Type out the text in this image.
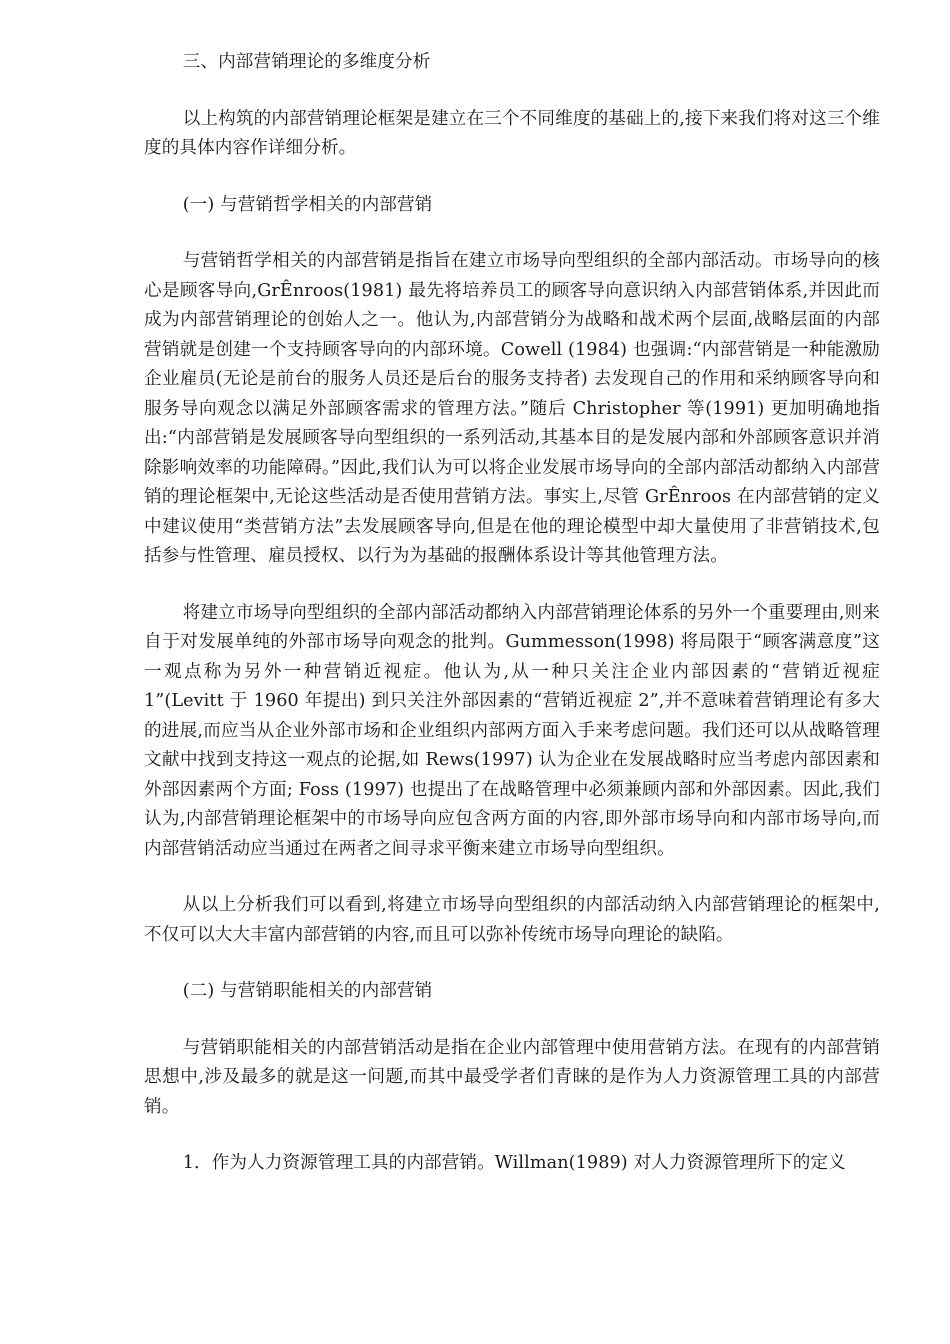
三、内部营销理论的多维度分析

以上构筑的内部营销理论框架是建立在三个不同维度的基础上的,接下来我们将对这三个维度的具体内容作详细分析。

(一) 与营销哲学相关的内部营销

与营销哲学相关的内部营销是指旨在建立市场导向型组织的全部内部活动。市场导向的核心是顾客导向,GrÊnroos(1981) 最先将培养员工的顾客导向意识纳入内部营销体系,并因此而成为内部营销理论的创始人之一。他认为,内部营销分为战略和战术两个层面,战略层面的内部营销就是创建一个支持顾客导向的内部环境。Cowell (1984) 也强调:“内部营销是一种能激励企业雇员(无论是前台的服务人员还是后台的服务支持者) 去发现自己的作用和采纳顾客导向和服务导向观念以满足外部顾客需求的管理方法。”随后 Christopher 等(1991) 更加明确地指出:“内部营销是发展顾客导向型组织的一系列活动,其基本目的是发展内部和外部顾客意识并消除影响效率的功能障碍。”因此,我们认为可以将企业发展市场导向的全部内部活动都纳入内部营销的理论框架中,无论这些活动是否使用营销方法。事实上,尽管 GrÊnroos 在内部营销的定义中建议使用“类营销方法”去发展顾客导向,但是在他的理论模型中却大量使用了非营销技术,包括参与性管理、雇员授权、以行为为基础的报酬体系设计等其他管理方法。

将建立市场导向型组织的全部内部活动都纳入内部营销理论体系的另外一个重要理由,则来自于对发展单纯的外部市场导向观念的批判。Gummesson(1998) 将局限于“顾客满意度”这一观点称为另外一种营销近视症。他认为,从一种只关注企业内部因素的“营销近视症 1”(Levitt 于 1960 年提出) 到只关注外部因素的“营销近视症 2”,并不意味着营销理论有多大的进展,而应当从企业外部市场和企业组织内部两方面入手来考虑问题。我们还可以从战略管理文献中找到支持这一观点的论据,如 Rews(1997) 认为企业在发展战略时应当考虑内部因素和外部因素两个方面; Foss (1997) 也提出了在战略管理中必须兼顾内部和外部因素。因此,我们认为,内部营销理论框架中的市场导向应包含两方面的内容,即外部市场导向和内部市场导向,而内部营销活动应当通过在两者之间寻求平衡来建立市场导向型组织。

从以上分析我们可以看到,将建立市场导向型组织的内部活动纳入内部营销理论的框架中,不仅可以大大丰富内部营销的内容,而且可以弥补传统市场导向理论的缺陷。

(二) 与营销职能相关的内部营销

与营销职能相关的内部营销活动是指在企业内部管理中使用营销方法。在现有的内部营销思想中,涉及最多的就是这一问题,而其中最受学者们青睐的是作为人力资源管理工具的内部营销。

1．作为人力资源管理工具的内部营销。Willman(1989) 对人力资源管理所下的定义
